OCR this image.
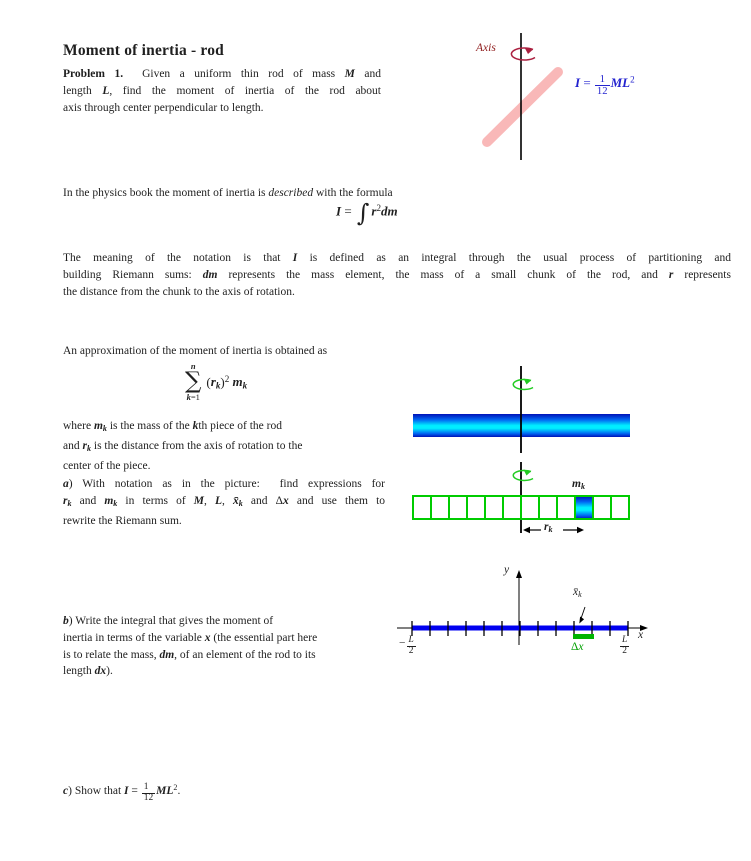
Moment of inertia - rod
Problem 1.  Given a uniform thin rod of mass M and
length L, find the moment of inertia of the rod about
axis through center perpendicular to length.
Axis
$I = \frac{1}{12} ML^2$
In the physics book the moment of inertia is described with the formula
I = ∫ $r^2dm$
The meaning of the notation is that I is defined as an integral through the usual process of partitioning and
building Riemann sums: dm represents the mass element, the mass of a small chunk of the rod, and r represents
the distance from the chunk to the axis of rotation.
An approximation of the moment of inertia is obtained as
n
∑
k=1
$(r_k)^2$ $m_k$
where $m_k$ is the mass of the kth piece of the rod
and $r_k$ is the distance from the axis of rotation to the
center of the piece.
a) With notation as in the picture:  find expressions for
$r_k$ and $m_k$ in terms of M, L, $x̄_k$ and Δx and use them to
rewrite the Riemann sum.
$m_k$
$r_k$
b) Write the integral that gives the moment of
inertia in terms of the variable x (the essential part here
is to relate the mass, dm, of an element of the rod to its
length dx).
y
x
$x̄_k$
Δx
− $\frac{L}{2}$	$\frac{L}{2}$
c) Show that $I = \frac{1}{12} ML^2$.
